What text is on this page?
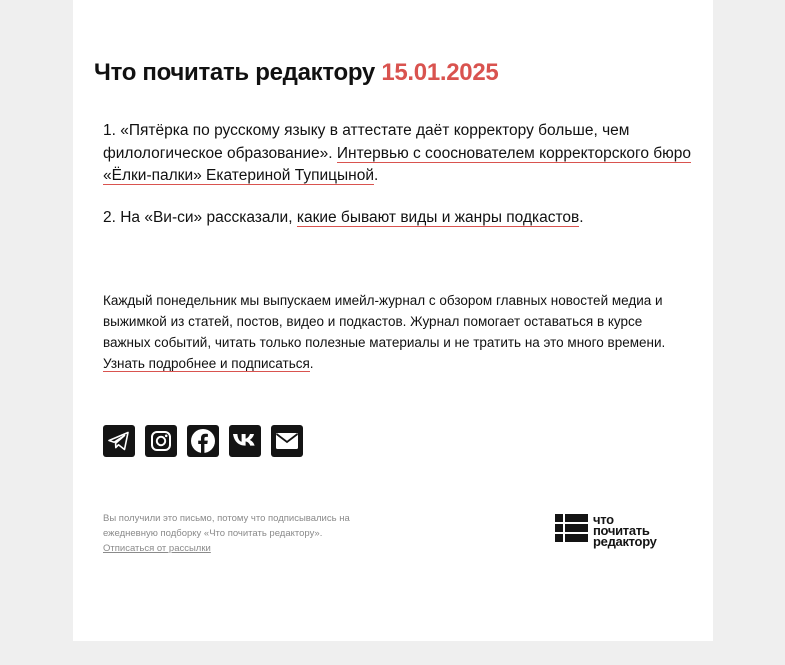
Что почитать редактору 15.01.2025

1. «Пятёрка по русскому языку в аттестате даёт корректору больше, чем филологическое образование». Интервью с сооснователем корректорского бюро «Ёлки-палки» Екатериной Тупицыной.

2. На «Ви-си» рассказали, какие бывают виды и жанры подкастов.

Каждый понедельник мы выпускаем имейл-журнал с обзором главных новостей медиа и выжимкой из статей, постов, видео и подкастов. Журнал помогает оставаться в курсе важных событий, читать только полезные материалы и не тратить на это много времени. Узнать подробнее и подписаться.

Вы получили это письмо, потому что подписывались на ежедневную подборку «Что почитать редактору».

Отписаться от рассылки
что
почитать
редактору
